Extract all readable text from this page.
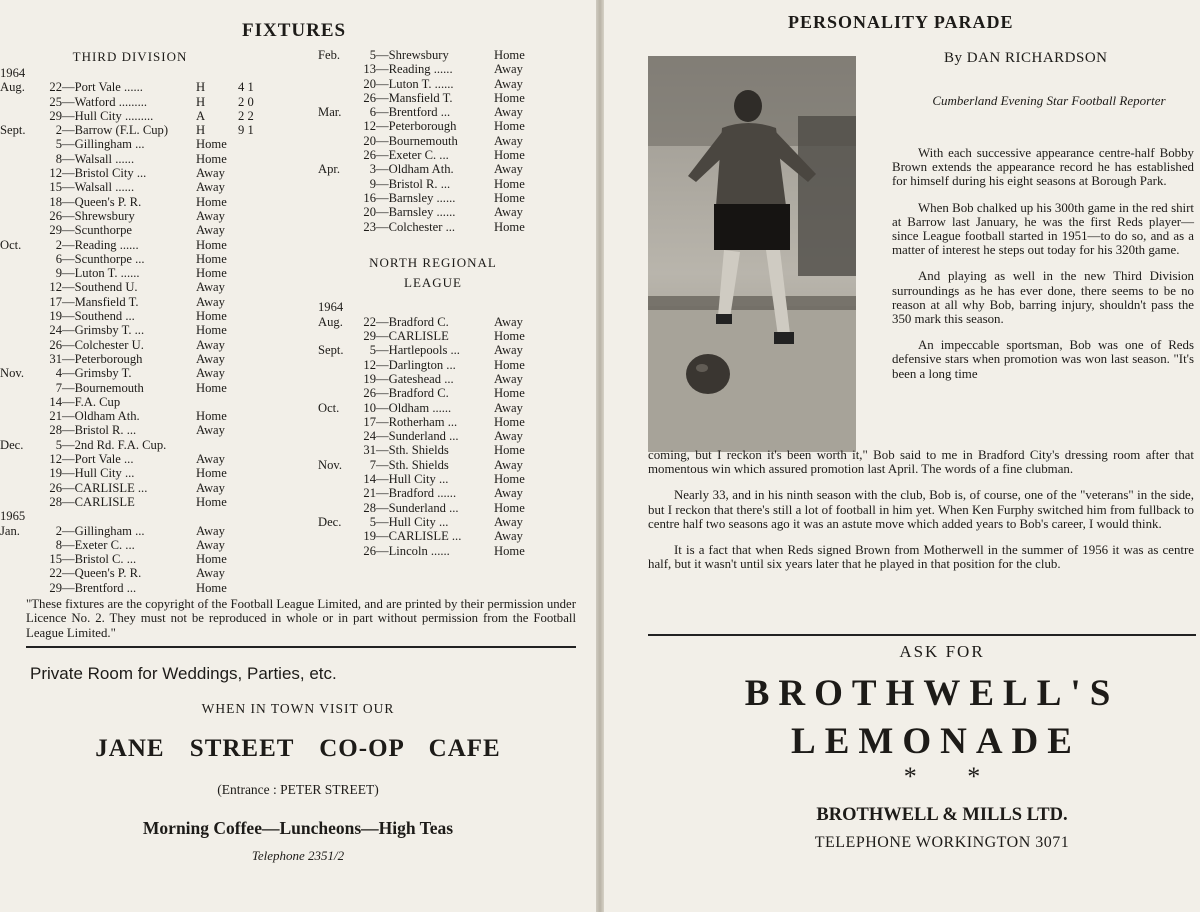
FIXTURES
THIRD DIVISION
1964
Aug.	22 —Port Vale ......	H	4 1
25 —Watford .........	H	2 0
29 —Hull City .........	A	2 2
Sept.	2 —Barrow (F.L. Cup)	H	9 1
5 —Gillingham ...	Home
8 —Walsall ......	Home
12 —Bristol City ...	Away
15 —Walsall ......	Away
18 —Queen's P. R.	Home
26 —Shrewsbury	Away
29 —Scunthorpe	Away
Oct.	2 —Reading ......	Home
6 —Scunthorpe ...	Home
9 —Luton T. ......	Home
12 —Southend U.	Away
17 —Mansfield T.	Away
19 —Southend ...	Home
24 —Grimsby T. ...	Home
26 —Colchester U.	Away
31 —Peterborough	Away
Nov.	4 —Grimsby T.	Away
7 —Bournemouth	Home
14 —F.A. Cup
21 —Oldham Ath.	Home
28 —Bristol R. ...	Away
Dec.	5 —2nd Rd. F.A. Cup.
12 —Port Vale ...	Away
19 —Hull City ...	Home
26 —CARLISLE ...	Away
28 —CARLISLE	Home
1965
Jan.	2 —Gillingham ...	Away
8 —Exeter C. ...	Away
15 —Bristol C. ...	Home
22 —Queen's P. R.	Away
29 —Brentford ...	Home
Feb.	5 —Shrewsbury	Home
13 —Reading ......	Away
20 —Luton T. ......	Away
26 —Mansfield T.	Home
Mar.	6 —Brentford ...	Away
12 —Peterborough	Home
20 —Bournemouth	Away
26 —Exeter C. ...	Home
Apr.	3 —Oldham Ath.	Away
9 —Bristol R. ...	Home
16 —Barnsley ......	Home
20 —Barnsley ......	Away
23 —Colchester ...	Home
NORTH REGIONAL
LEAGUE
1964
Aug.	22 —Bradford C.	Away
29 —CARLISLE	Home
Sept.	5 —Hartlepools ...	Away
12 —Darlington ...	Home
19 —Gateshead ...	Away
26 —Bradford C.	Home
Oct.	10 —Oldham ......	Away
17 —Rotherham ...	Home
24 —Sunderland ...	Away
31 —Sth. Shields	Home
Nov.	7 —Sth. Shields	Away
14 —Hull City ...	Home
21 —Bradford ......	Away
28 —Sunderland ...	Home
Dec.	5 —Hull City ...	Away
19 —CARLISLE ...	Away
26 —Lincoln ......	Home
"These fixtures are the copyright of the Football League Limited, and are printed by their permission under Licence No. 2. They must not be reproduced in whole or in part without permission from the Football League Limited."
Private Room for Weddings, Parties, etc.
WHEN IN TOWN VISIT OUR
JANE STREET CO-OP CAFE
(Entrance : PETER STREET)
Morning Coffee—Luncheons—High Teas
Telephone 2351/2
PERSONALITY PARADE
By DAN RICHARDSON
Cumberland Evening Star Football Reporter

With each successive appearance centre-half Bobby Brown extends the appearance record he has established for himself during his eight seasons at Borough Park.

When Bob chalked up his 300th game in the red shirt at Barrow last January, he was the first Reds player—since League football started in 1951—to do so, and as a matter of interest he steps out today for his 320th game.

And playing as well in the new Third Division surroundings as he has ever done, there seems to be no reason at all why Bob, barring injury, shouldn't pass the 350 mark this season.

An impeccable sportsman, Bob was one of Reds defensive stars when promotion was won last season. "It's been a long time

coming, but I reckon it's been worth it," Bob said to me in Bradford City's dressing room after that momentous win which assured promotion last April. The words of a fine clubman.

Nearly 33, and in his ninth season with the club, Bob is, of course, one of the "veterans" in the side, but I reckon that there's still a lot of football in him yet. When Ken Furphy switched him from fullback to centre half two seasons ago it was an astute move which added years to Bob's career, I would think.

It is a fact that when Reds signed Brown from Motherwell in the summer of 1956 it was as centre half, but it wasn't until six years later that he played in that position for the club.

ASK FOR
BROTHWELL'S
LEMONADE
* *
BROTHWELL & MILLS LTD.
TELEPHONE WORKINGTON 3071
